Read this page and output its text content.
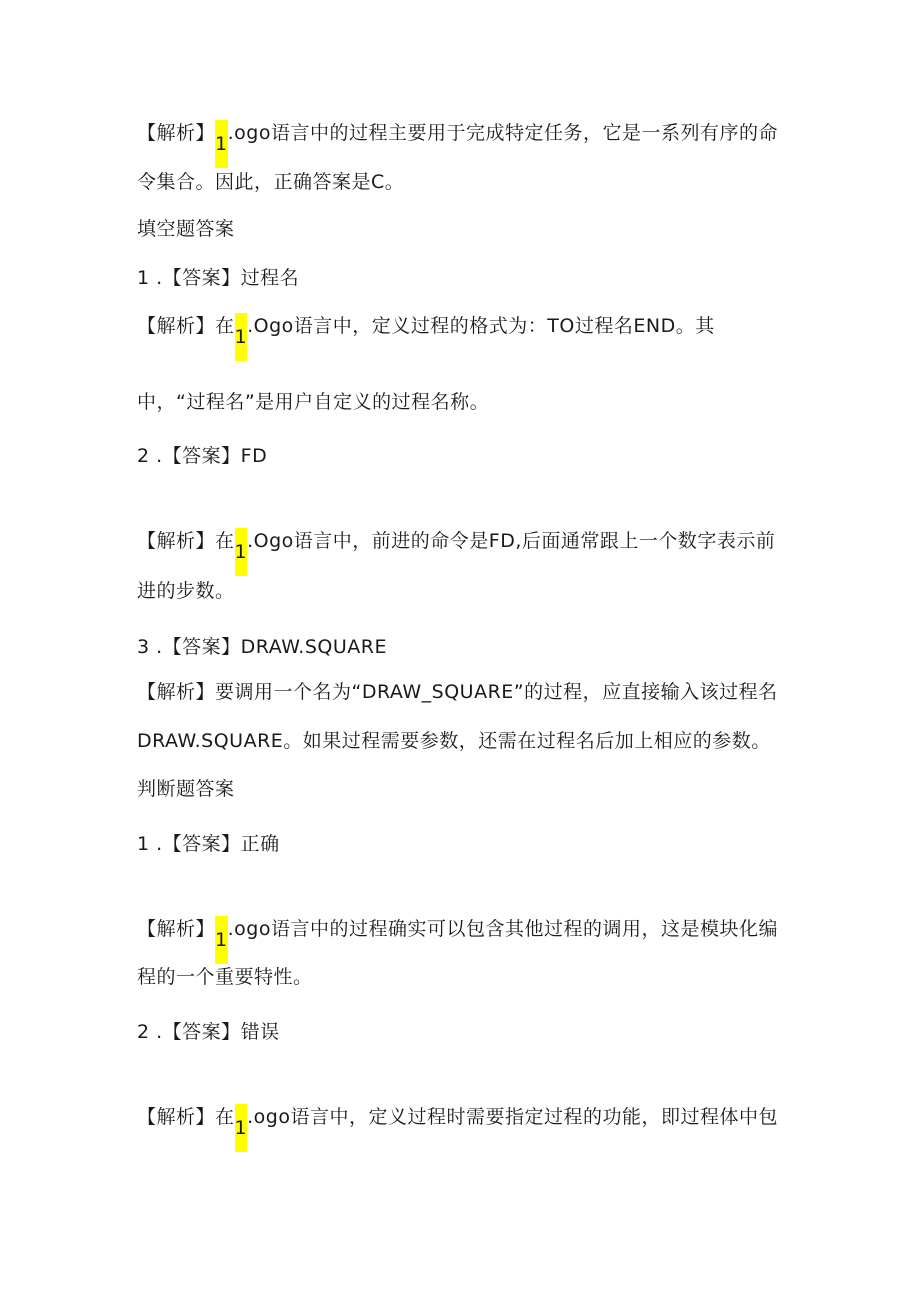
【解析】1.ogo语言中的过程主要用于完成特定任务，它是一系列有序的命
令集合。因此，正确答案是C。
填空题答案
1 .【答案】过程名
【解析】在1.Ogo语言中，定义过程的格式为：TO过程名END。其
中，“过程名”是用户自定义的过程名称。
2 .【答案】FD
【解析】在1.Ogo语言中，前进的命令是FD,后面通常跟上一个数字表示前
进的步数。
3 .【答案】DRAW.SQUARE
【解析】要调用一个名为“DRAW_SQUARE”的过程，应直接输入该过程名
DRAW.SQUARE。如果过程需要参数，还需在过程名后加上相应的参数。
判断题答案
1 .【答案】正确
【解析】1.ogo语言中的过程确实可以包含其他过程的调用，这是模块化编
程的一个重要特性。
2 .【答案】错误
【解析】在1.ogo语言中，定义过程时需要指定过程的功能，即过程体中包
